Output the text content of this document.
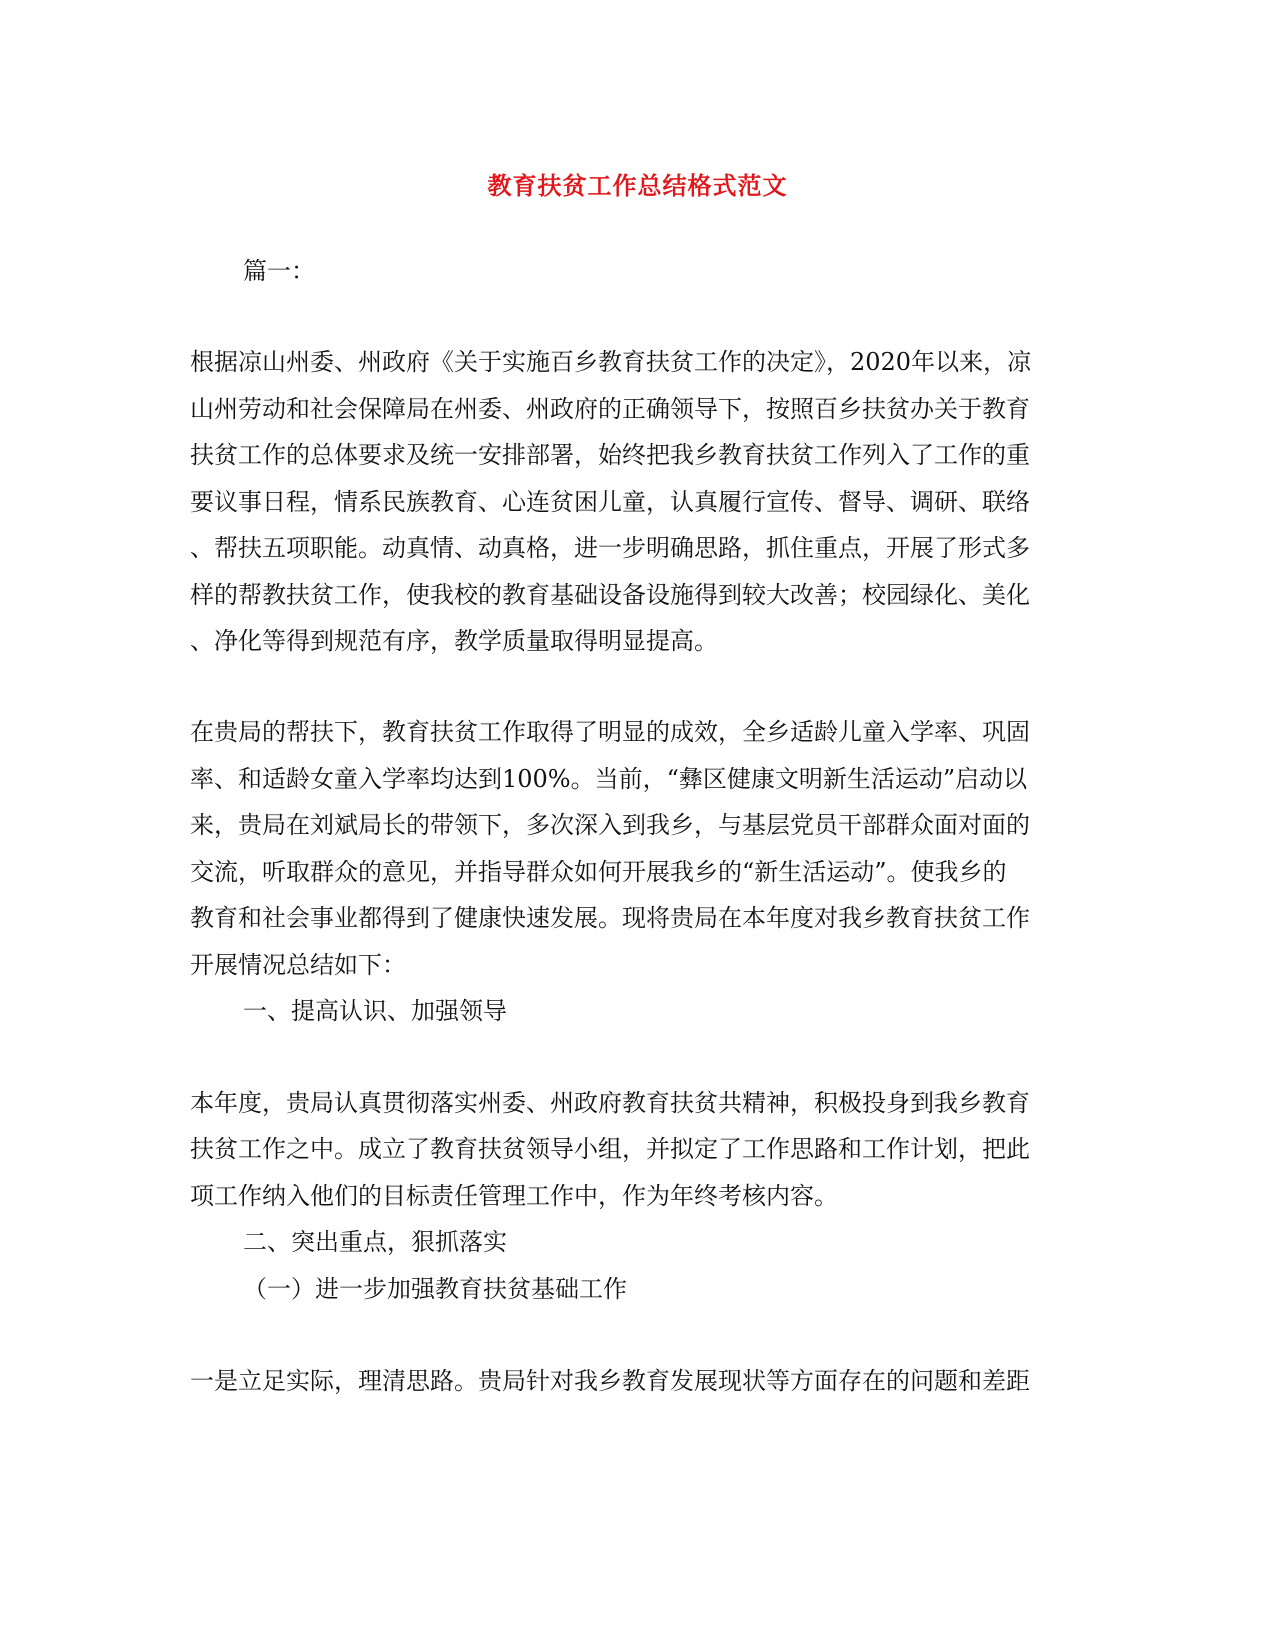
教育扶贫工作总结格式范文
篇一：
根据凉山州委、州政府《关于实施百乡教育扶贫工作的决定》，2020年以来，凉
山州劳动和社会保障局在州委、州政府的正确领导下，按照百乡扶贫办关于教育
扶贫工作的总体要求及统一安排部署，始终把我乡教育扶贫工作列入了工作的重
要议事日程，情系民族教育、心连贫困儿童，认真履行宣传、督导、调研、联络
、帮扶五项职能。动真情、动真格，进一步明确思路，抓住重点，开展了形式多
样的帮教扶贫工作，使我校的教育基础设备设施得到较大改善；校园绿化、美化
、净化等得到规范有序，教学质量取得明显提高。
在贵局的帮扶下，教育扶贫工作取得了明显的成效，全乡适龄儿童入学率、巩固
率、和适龄女童入学率均达到100%。当前，“彝区健康文明新生活运动”启动以
来，贵局在刘斌局长的带领下，多次深入到我乡，与基层党员干部群众面对面的
交流，听取群众的意见，并指导群众如何开展我乡的“新生活运动”。使我乡的
教育和社会事业都得到了健康快速发展。现将贵局在本年度对我乡教育扶贫工作
开展情况总结如下：
一、提高认识、加强领导
本年度，贵局认真贯彻落实州委、州政府教育扶贫共精神，积极投身到我乡教育
扶贫工作之中。成立了教育扶贫领导小组，并拟定了工作思路和工作计划，把此
项工作纳入他们的目标责任管理工作中，作为年终考核内容。
二、突出重点，狠抓落实
（一）进一步加强教育扶贫基础工作
一是立足实际，理清思路。贵局针对我乡教育发展现状等方面存在的问题和差距
